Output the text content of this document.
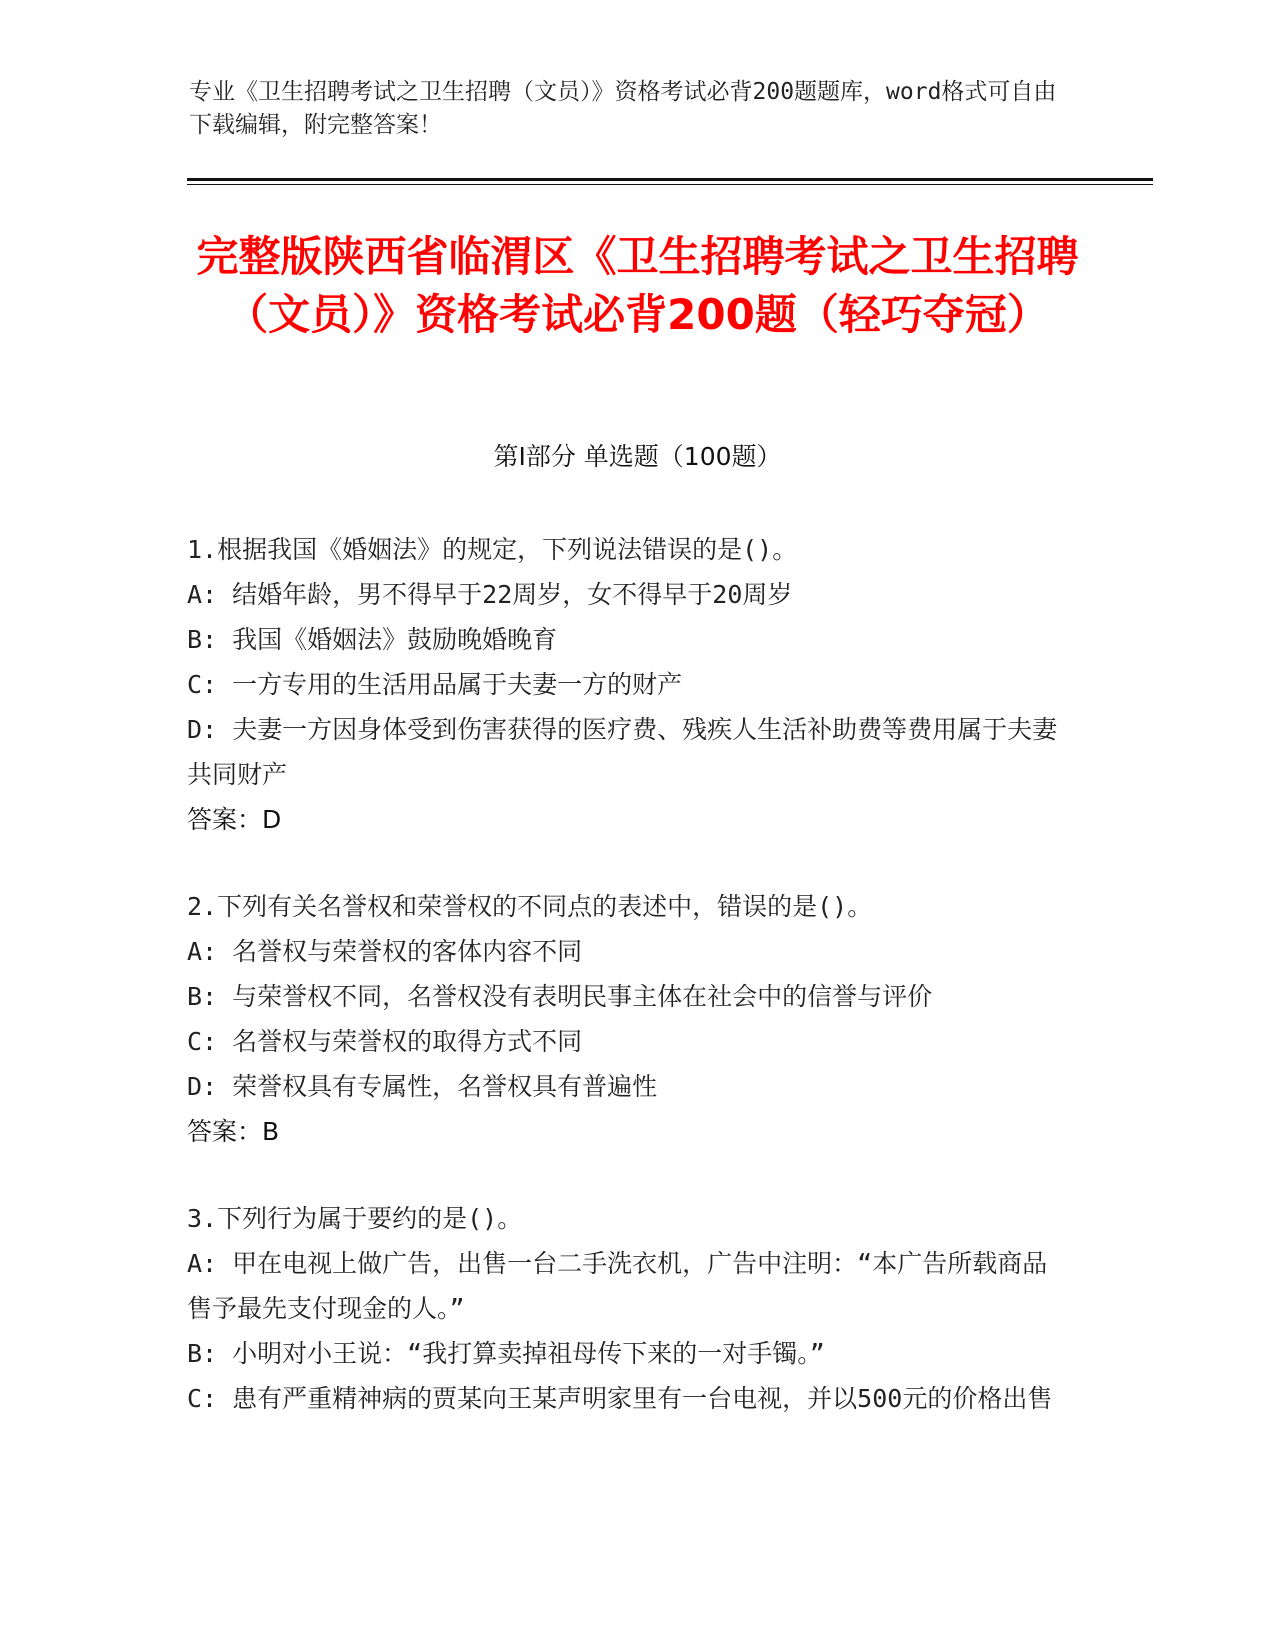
专业《卫生招聘考试之卫生招聘（文员）》资格考试必背200题题库，word格式可自由下载编辑，附完整答案！
完整版陕西省临渭区《卫生招聘考试之卫生招聘（文员）》资格考试必背200题（轻巧夺冠）
第Ⅰ部分 单选题（100题）
1.根据我国《婚姻法》的规定，下列说法错误的是()。
A: 结婚年龄，男不得早于22周岁，女不得早于20周岁
B: 我国《婚姻法》鼓励晚婚晚育
C: 一方专用的生活用品属于夫妻一方的财产
D: 夫妻一方因身体受到伤害获得的医疗费、残疾人生活补助费等费用属于夫妻共同财产
答案：D
2.下列有关名誉权和荣誉权的不同点的表述中，错误的是()。
A: 名誉权与荣誉权的客体内容不同
B: 与荣誉权不同，名誉权没有表明民事主体在社会中的信誉与评价
C: 名誉权与荣誉权的取得方式不同
D: 荣誉权具有专属性，名誉权具有普遍性
答案：B
3.下列行为属于要约的是()。
A: 甲在电视上做广告，出售一台二手洗衣机，广告中注明：“本广告所载商品售予最先支付现金的人。”
B: 小明对小王说：“我打算卖掉祖母传下来的一对手镯。”
C: 患有严重精神病的贾某向王某声明家里有一台电视，并以500元的价格出售
